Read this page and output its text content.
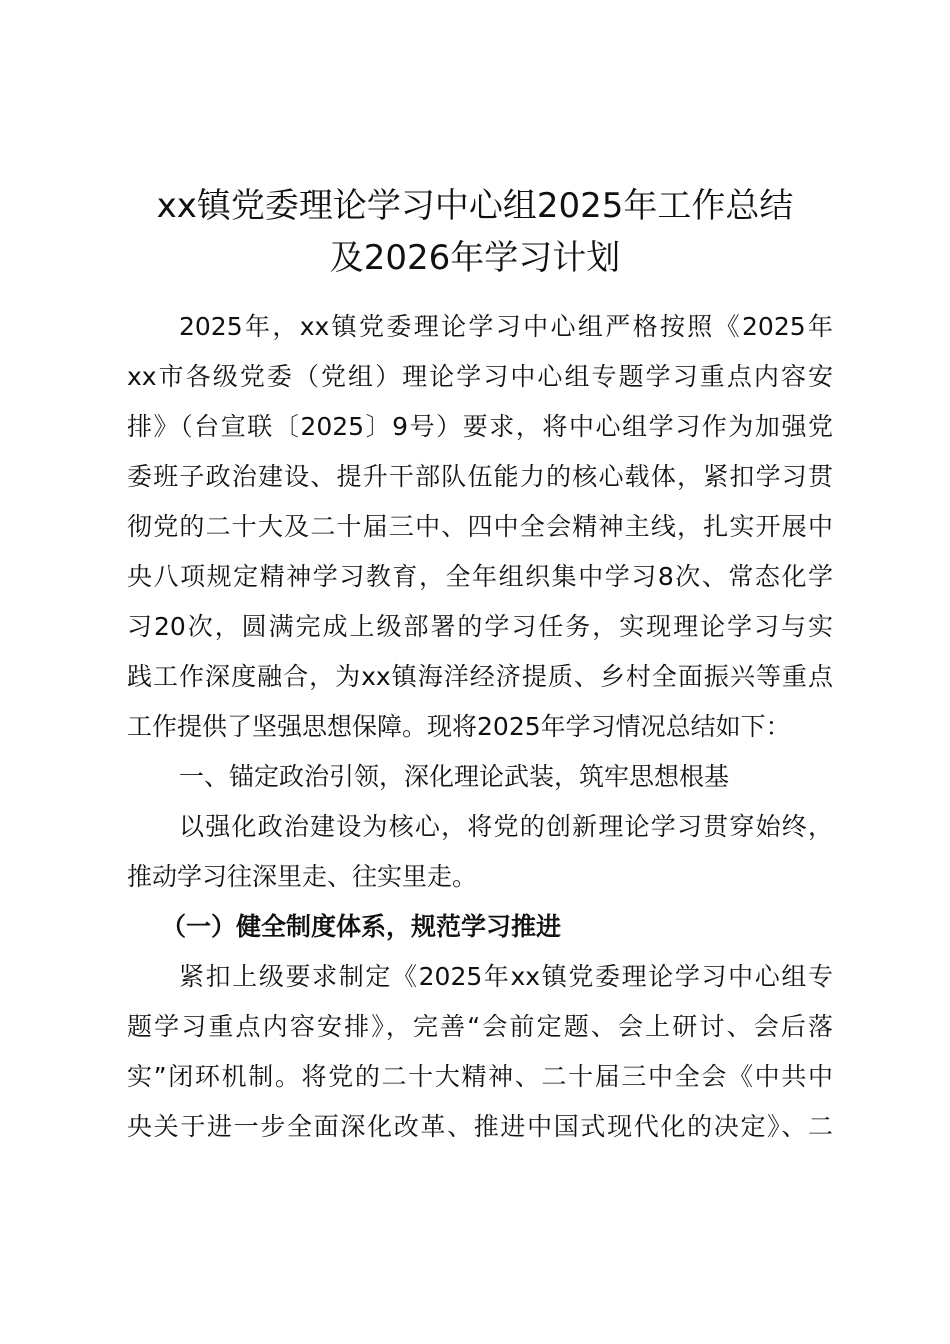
xx镇党委理论学习中心组2025年工作总结
及2026年学习计划
2025年，xx镇党委理论学习中心组严格按照《2025年
xx市各级党委（党组）理论学习中心组专题学习重点内容安
排》（台宣联〔2025〕9号）要求，将中心组学习作为加强党
委班子政治建设、提升干部队伍能力的核心载体，紧扣学习贯
彻党的二十大及二十届三中、四中全会精神主线，扎实开展中
央八项规定精神学习教育，全年组织集中学习8次、常态化学
习20次，圆满完成上级部署的学习任务，实现理论学习与实
践工作深度融合，为xx镇海洋经济提质、乡村全面振兴等重点
工作提供了坚强思想保障。现将2025年学习情况总结如下：
一、锚定政治引领，深化理论武装，筑牢思想根基
以强化政治建设为核心，将党的创新理论学习贯穿始终，
推动学习往深里走、往实里走。
（一）健全制度体系，规范学习推进
紧扣上级要求制定《2025年xx镇党委理论学习中心组专
题学习重点内容安排》，完善“会前定题、会上研讨、会后落
实”闭环机制。将党的二十大精神、二十届三中全会《中共中
央关于进一步全面深化改革、推进中国式现代化的决定》、二
